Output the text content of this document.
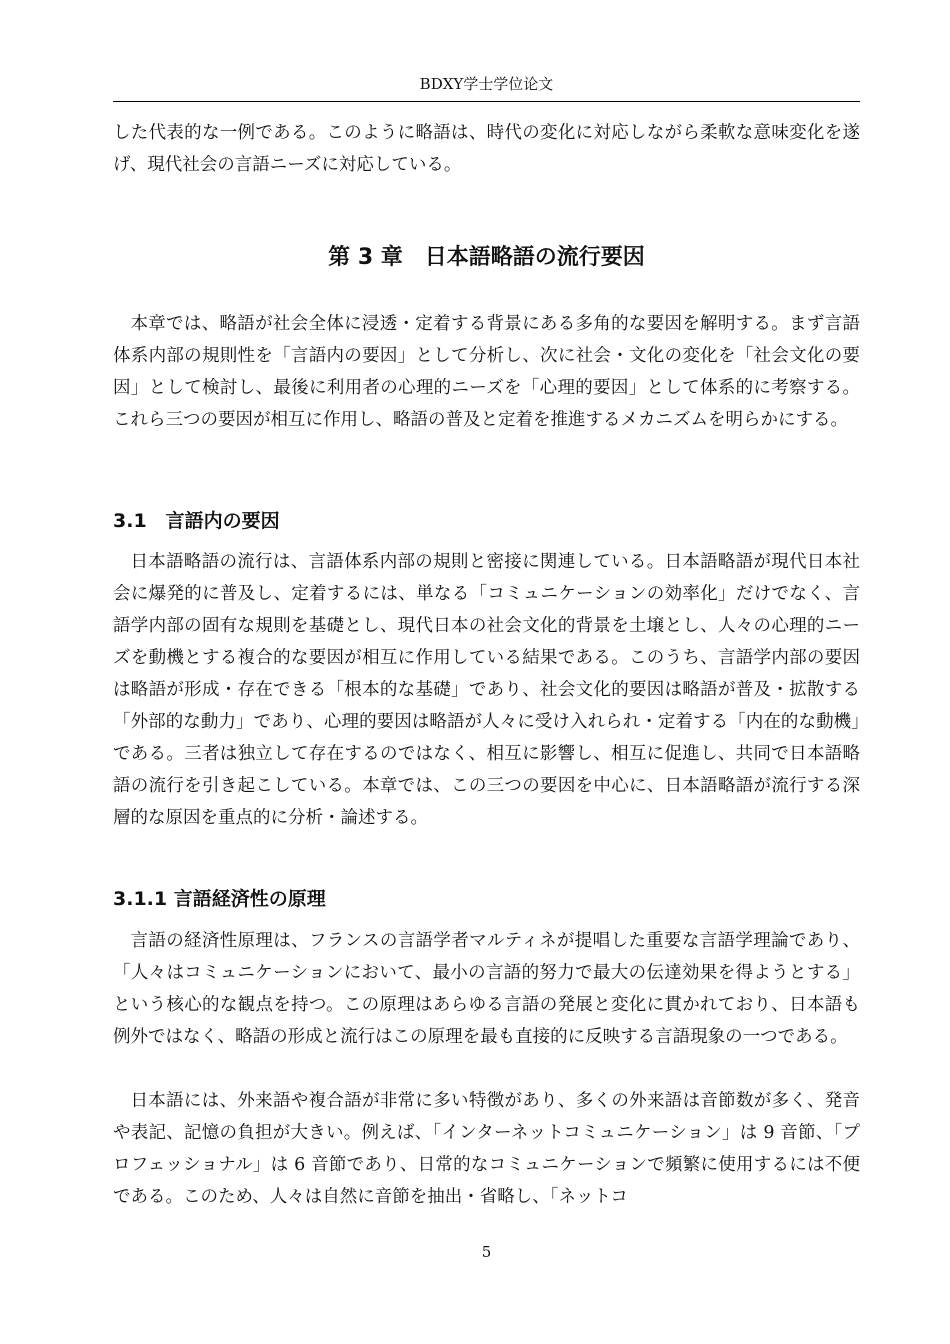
BDXY学士学位论文

した代表的な一例である。このように略語は、時代の変化に対応しながら柔軟な意味変化を遂げ、現代社会の言語ニーズに対応している。

第 3 章　日本語略語の流行要因

本章では、略語が社会全体に浸透・定着する背景にある多角的な要因を解明する。まず言語体系内部の規則性を「言語内の要因」として分析し、次に社会・文化の変化を「社会文化の要因」として検討し、最後に利用者の心理的ニーズを「心理的要因」として体系的に考察する。これら三つの要因が相互に作用し、略語の普及と定着を推進するメカニズムを明らかにする。

3.1　言語内の要因

日本語略語の流行は、言語体系内部の規則と密接に関連している。日本語略語が現代日本社会に爆発的に普及し、定着するには、単なる「コミュニケーションの効率化」だけでなく、言語学内部の固有な規則を基礎とし、現代日本の社会文化的背景を土壌とし、人々の心理的ニーズを動機とする複合的な要因が相互に作用している結果である。このうち、言語学内部の要因は略語が形成・存在できる「根本的な基礎」であり、社会文化的要因は略語が普及・拡散する「外部的な動力」であり、心理的要因は略語が人々に受け入れられ・定着する「内在的な動機」である。三者は独立して存在するのではなく、相互に影響し、相互に促進し、共同で日本語略語の流行を引き起こしている。本章では、この三つの要因を中心に、日本語略語が流行する深層的な原因を重点的に分析・論述する。

3.1.1 言語経済性の原理

言語の経済性原理は、フランスの言語学者マルティネが提唱した重要な言語学理論であり、「人々はコミュニケーションにおいて、最小の言語的努力で最大の伝達効果を得ようとする」という核心的な観点を持つ。この原理はあらゆる言語の発展と変化に貫かれており、日本語も例外ではなく、略語の形成と流行はこの原理を最も直接的に反映する言語現象の一つである。

日本語には、外来語や複合語が非常に多い特徴があり、多くの外来語は音節数が多く、発音や表記、記憶の負担が大きい。例えば、「インターネットコミュニケーション」は 9 音節、「プロフェッショナル」は 6 音節であり、日常的なコミュニケーションで頻繁に使用するには不便である。このため、人々は自然に音節を抽出・省略し、「ネットコ

5
